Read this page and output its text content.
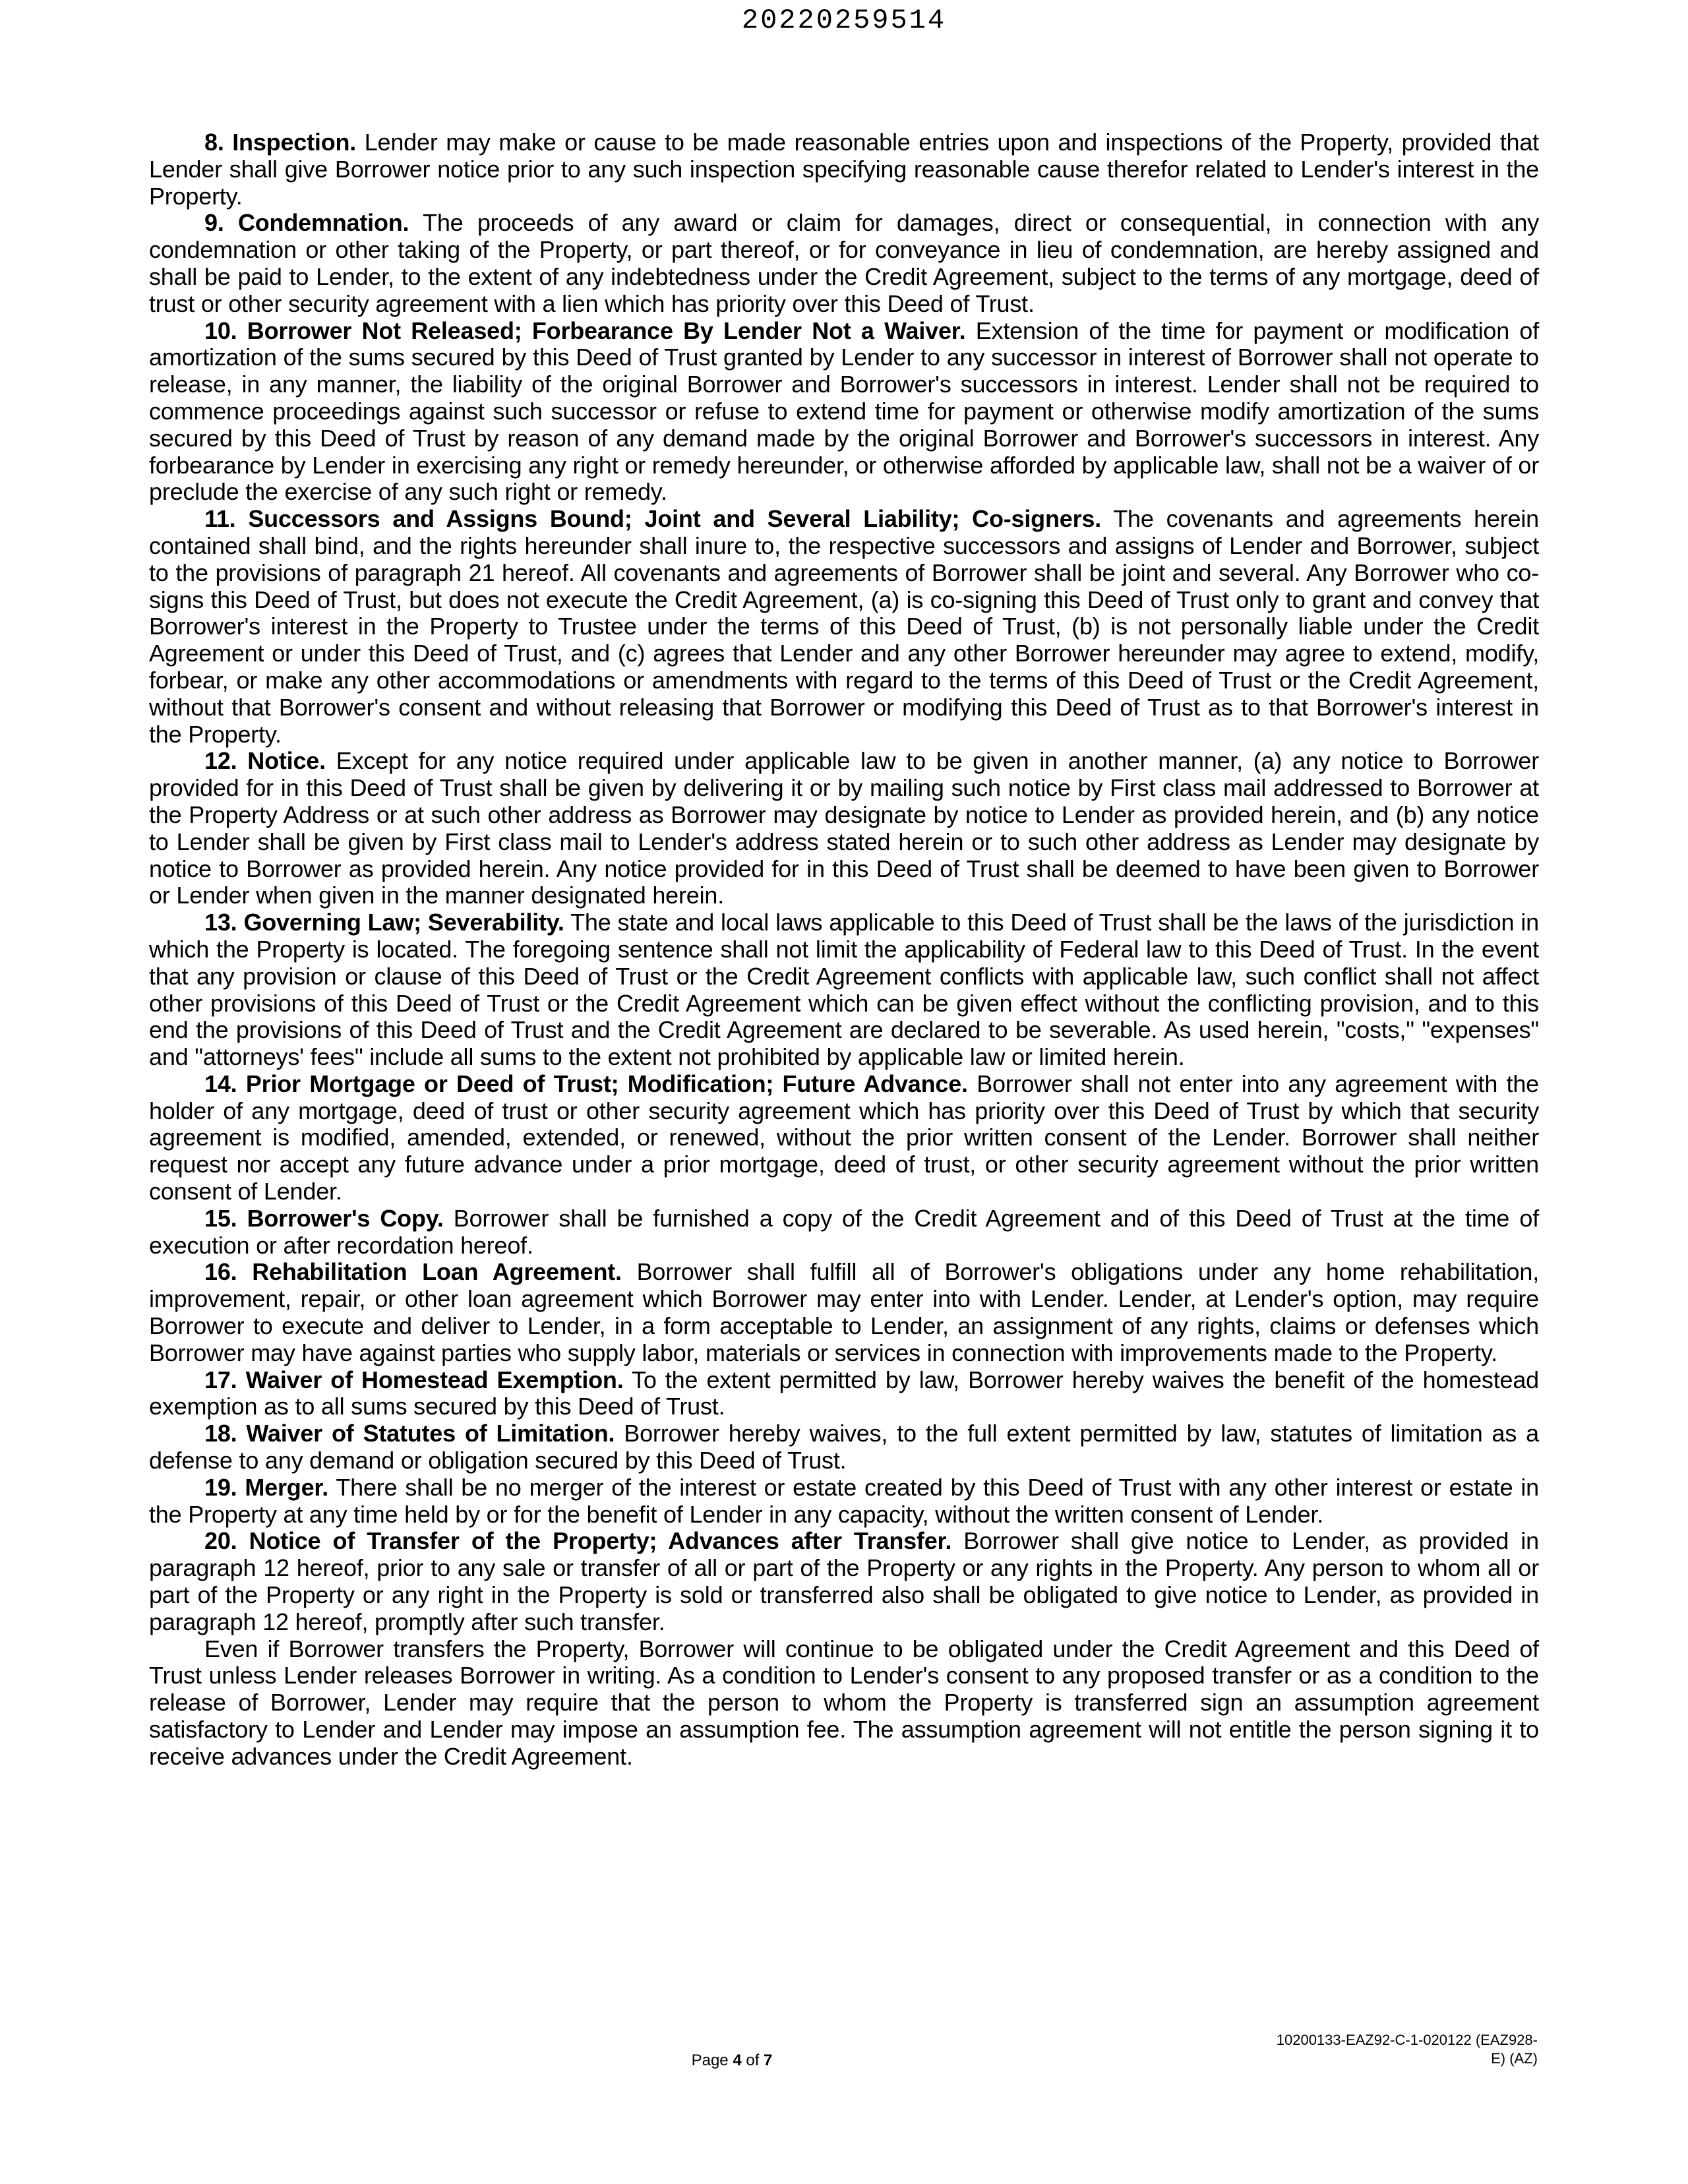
20220259514

8. Inspection. Lender may make or cause to be made reasonable entries upon and inspections of the Property, provided that Lender shall give Borrower notice prior to any such inspection specifying reasonable cause therefor related to Lender's interest in the Property.

9. Condemnation. The proceeds of any award or claim for damages, direct or consequential, in connection with any condemnation or other taking of the Property, or part thereof, or for conveyance in lieu of condemnation, are hereby assigned and shall be paid to Lender, to the extent of any indebtedness under the Credit Agreement, subject to the terms of any mortgage, deed of trust or other security agreement with a lien which has priority over this Deed of Trust.

10. Borrower Not Released; Forbearance By Lender Not a Waiver. Extension of the time for payment or modification of amortization of the sums secured by this Deed of Trust granted by Lender to any successor in interest of Borrower shall not operate to release, in any manner, the liability of the original Borrower and Borrower's successors in interest. Lender shall not be required to commence proceedings against such successor or refuse to extend time for payment or otherwise modify amortization of the sums secured by this Deed of Trust by reason of any demand made by the original Borrower and Borrower's successors in interest. Any forbearance by Lender in exercising any right or remedy hereunder, or otherwise afforded by applicable law, shall not be a waiver of or preclude the exercise of any such right or remedy.

11. Successors and Assigns Bound; Joint and Several Liability; Co-signers. The covenants and agreements herein contained shall bind, and the rights hereunder shall inure to, the respective successors and assigns of Lender and Borrower, subject to the provisions of paragraph 21 hereof. All covenants and agreements of Borrower shall be joint and several. Any Borrower who co-signs this Deed of Trust, but does not execute the Credit Agreement, (a) is co-signing this Deed of Trust only to grant and convey that Borrower's interest in the Property to Trustee under the terms of this Deed of Trust, (b) is not personally liable under the Credit Agreement or under this Deed of Trust, and (c) agrees that Lender and any other Borrower hereunder may agree to extend, modify, forbear, or make any other accommodations or amendments with regard to the terms of this Deed of Trust or the Credit Agreement, without that Borrower's consent and without releasing that Borrower or modifying this Deed of Trust as to that Borrower's interest in the Property.

12. Notice. Except for any notice required under applicable law to be given in another manner, (a) any notice to Borrower provided for in this Deed of Trust shall be given by delivering it or by mailing such notice by First class mail addressed to Borrower at the Property Address or at such other address as Borrower may designate by notice to Lender as provided herein, and (b) any notice to Lender shall be given by First class mail to Lender's address stated herein or to such other address as Lender may designate by notice to Borrower as provided herein. Any notice provided for in this Deed of Trust shall be deemed to have been given to Borrower or Lender when given in the manner designated herein.

13. Governing Law; Severability. The state and local laws applicable to this Deed of Trust shall be the laws of the jurisdiction in which the Property is located. The foregoing sentence shall not limit the applicability of Federal law to this Deed of Trust. In the event that any provision or clause of this Deed of Trust or the Credit Agreement conflicts with applicable law, such conflict shall not affect other provisions of this Deed of Trust or the Credit Agreement which can be given effect without the conflicting provision, and to this end the provisions of this Deed of Trust and the Credit Agreement are declared to be severable. As used herein, "costs," "expenses" and "attorneys' fees" include all sums to the extent not prohibited by applicable law or limited herein.

14. Prior Mortgage or Deed of Trust; Modification; Future Advance. Borrower shall not enter into any agreement with the holder of any mortgage, deed of trust or other security agreement which has priority over this Deed of Trust by which that security agreement is modified, amended, extended, or renewed, without the prior written consent of the Lender. Borrower shall neither request nor accept any future advance under a prior mortgage, deed of trust, or other security agreement without the prior written consent of Lender.

15. Borrower's Copy. Borrower shall be furnished a copy of the Credit Agreement and of this Deed of Trust at the time of execution or after recordation hereof.

16. Rehabilitation Loan Agreement. Borrower shall fulfill all of Borrower's obligations under any home rehabilitation, improvement, repair, or other loan agreement which Borrower may enter into with Lender. Lender, at Lender's option, may require Borrower to execute and deliver to Lender, in a form acceptable to Lender, an assignment of any rights, claims or defenses which Borrower may have against parties who supply labor, materials or services in connection with improvements made to the Property.

17. Waiver of Homestead Exemption. To the extent permitted by law, Borrower hereby waives the benefit of the homestead exemption as to all sums secured by this Deed of Trust.

18. Waiver of Statutes of Limitation. Borrower hereby waives, to the full extent permitted by law, statutes of limitation as a defense to any demand or obligation secured by this Deed of Trust.

19. Merger. There shall be no merger of the interest or estate created by this Deed of Trust with any other interest or estate in the Property at any time held by or for the benefit of Lender in any capacity, without the written consent of Lender.

20. Notice of Transfer of the Property; Advances after Transfer. Borrower shall give notice to Lender, as provided in paragraph 12 hereof, prior to any sale or transfer of all or part of the Property or any rights in the Property. Any person to whom all or part of the Property or any right in the Property is sold or transferred also shall be obligated to give notice to Lender, as provided in paragraph 12 hereof, promptly after such transfer.

Even if Borrower transfers the Property, Borrower will continue to be obligated under the Credit Agreement and this Deed of Trust unless Lender releases Borrower in writing. As a condition to Lender's consent to any proposed transfer or as a condition to the release of Borrower, Lender may require that the person to whom the Property is transferred sign an assumption agreement satisfactory to Lender and Lender may impose an assumption fee. The assumption agreement will not entitle the person signing it to receive advances under the Credit Agreement.

Page 4 of 7
10200133-EAZ92-C-1-020122 (EAZ928-
E) (AZ)
